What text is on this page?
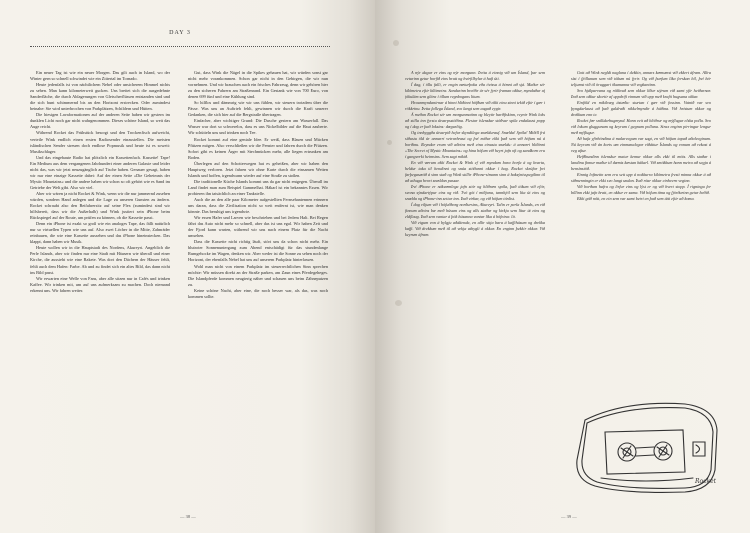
DAY 3

Ein neuer Tag ist wie ein neuer Morgen. Das gilt auch in Island, wo der Winter gern so schnell schwindet wie ein Zittertal im Tornado.

Heute jedenfalls ist von nächtlichem Nebel oder unsicherem Himmel nichts zu sehen. Man kann kilometerweit gucken. Uns breitet sich die ausgedehnte Sanderfläche, die durch Ablagerungen von Gletscherflüssen entstanden sind und die sich bunt schimmernd bis an den Horizont erstrecken. Oder zumindest beinahe: Sie wird unterbrochen von Parkplätzen, Schildern und Hütten.

Die hiesigen Lavaformationen auf der anderen Seite haben wir gestern im dunklen Licht noch gar nicht wahrgenommen. Dieses schöne Island, so weit das Auge reicht.

Während Rocket das Frühstück besorgt und den Trockenfisch aufweicht, verteile Wink endlich einen ersten Radiosender einzustellen. Die meisten isländischen Sender streuen doch endlose Popmusik und heute ist es soweit: Musikschlager.

Und das eingebaute Radio hat plötzlich ein Kassettenfach. Kassette! Tape! Ein Medium aus dem vergangenen Jahrhundert einer anderen Galaxie und leider nicht das, was wir jetzt neuzugänglich auf Tische haben. Genauer gesagt, haben wir nur eine einzige Kassette dabei: Auf der einen Seite »Die Geheimnis der Mystic Mountains« und die andere haben wir schon so oft gehört wie es Sand im Getriebe der Welt gibt. Also wir viel.

Aber wir wären ja nicht Rocket & Wink, wenn wir die nur jammernd zusehen würden, sondern Hand anlegen und die Lage zu unseren Gunsten zu ändern. Rocket schraubt also den Beifahrersitz auf seine Flex (zumindest sind wir hilfsbereit, dass wir die Außerhalb) und Wink justiert sein iPhone beim Rückspiegel auf der Route, um prüfen zu können, ob die Kassette passt.

Denn ein iPhone ist exakt so groß wie ein analoges Tape, das fällt natürlich nur so virtuellen Typen wie uns auf. Also zwei Löcher in die Mitte, Zahnräder reinbauen, die wie eine Kassette aussehen und das iPhone hineinstecken. Das klappt, dann haben wir Musik.

Heute wollen wir in die Hauptstadt des Nordens, Akureyri. Angeblich die Perle Islands, aber wir finden nur eine Stadt mit Häusern wie überall und einer Kirche, die aussieht wie eine Rakete. Was dort den Dächern der Häuser fehlt, fehlt auch dem Hafen: Farbe. Ab und zu findet sich ein altes Bild, das dann nicht ins Bild passt.

Wir erwarten eine Welle von Fans, aber alle sitzen nur in Cafés und trinken Kaffee. Wir trinken mit, um auf uns aufmerksam zu machen. Doch niemand erkennt uns. Wir fahren weiter.

Gut, dass Wink die Nägel in die Spikes gehauen hat, wir würden sonst gar nicht mehr vorankommen. Schon gar nicht in den Gebirgen, die wir nun vornehmen. Und wir brauchen auch ein frisches Fahrzeug, denn wir gehören hier zu den sicheren Fahrern am Straßenrand. Ein Gestank wie von 700 Euro, von denen 699 fünf und eine Kühlung sind.

So hilflos und dämmrig wie wir uns fühlen, wir steuern trotzdem über die Pässe. Was uns an Auftrieb fehlt, gewinnen wir durch die Kraft unserer Gedanken, die sich hier auf die Bergstraße übertragen.

Einfacher, aber wichtiger Grund: Die Dusche gestern am Wasserfall. Das Wasser war dort so schwerelos, dass es uns Nickelbilder auf die Haut zauberte. Wir schütteln uns und trinken noch Tee.

Rocket kommt auf eine geniale Idee. Er weiß, dass Blasen und Mücken Pfützen mögen. Also verschließen wir die Fenster und fahren durch die Pfützen. Sofort gibt es keinen Ärger mit Stechmücken mehr, alle liegen ertrunken am Boden.

Überlegen auf den Schotterwegen hat es geheißen, aber wir haben den Hauptweg verloren. Jetzt fahren wir ohne Karte durch die einsamen Weiten Islands und hoffen, irgendwann wieder auf eine Straße zu stoßen.

Die traditionelle Küche Islands kommt uns da gar nicht entgegen. Überall im Land findet man zum Beispiel Gammelhai. Hákarl ist ein bekanntes Essen. Wir probieren ihn tatsächlich an einer Tankstelle.

Auch die an den alle paar Kilometer aufgestellten Fernsehantennen erinnern uns daran, dass die Zivilisation nicht so weit entfernt ist, wie man denken könnte. Das beruhigt uns irgendwie.

Wir essen Hafer und Larven wie beschrieben und bei Jedem Halt. Bei Regen fährt das Auto nicht mehr so schnell, aber das ist uns egal. Wir haben Zeit und der Fjord kann warten, während wir uns nach einem Platz für die Nacht umsehen.

Dass die Kassette nicht richtig läuft, stört uns da schon nicht mehr. Ein blutroter Sonnenuntergang zum Abend entschädigt für das stundenlange Rumgehocke im Wagen, denken wir. Aber weder ist die Sonne zu sehen noch der Horizont, der ebenfalls Nebel hat uns auf unserem Parkplatz hinterlassen.

Wohl man nicht von einem Parkplatz im steuerrechtlichen Sinn sprechen möchte: Wir müssen direkt an der Straße parken, am Zaun eines Pferdegeheges. Die Islandpferde kommen neugierig näher und schauen uns beim Zähneputzen zu.

Keine schöne Nacht, aber eine, die noch besser war, als das, was noch kommen sollte.

— 38 —

A nýr dagur er eins og nýr morgunn. Þetta á einnig við um Ísland, þar sem veturinn getur horfið eins hratt og hvirfilbylur á hafi úti.

Í dag, í öllu falli, er engin næturþoka eða óvissa á himni að sjá. Maður sér kílómetra eftir kílómetra. Sandurinn breiðir úr sér fyrir framan okkur, myndaður af jökulám sem glitra í öllum regnbogans litum.

Hraunmyndanirnar á hinni hliðinni höfðum við ekki einu sinni tekið eftir í gær í rökkrinu. Þetta fallega Ísland, svo langt sem augað eygir.

Á meðan Rocket sér um morgunmatinn og bleytir harðfiskinn, reynir Wink loks að stilla inn fyrstu útvarpsstöðina. Flestar íslenskar stöðvar spila endalaust popp og í dag er það loksins: dægurlög.

Og innbyggða útvarpið hefur skyndilega snældurauf. Snælda! Spóla! Miðill frá síðustu öld úr annarri vetrarbraut og því miður ekki það sem við höfum nú á borðinu. Reyndar erum við aðeins með eina einustu snældu: á annarri hliðinni »The Secret of Mystic Mountains« og hina höfum við heyrt jafn oft og sandkorn eru í gangverki heimsins. Sem sagt mikið.

En við værum ekki Rocket & Wink ef við myndum bara horfa á og kvarta, heldur taka til hendinni og snúa stöðunni okkur í hag. Rocket skrúfar því farþegasætið á sinn stað og Wink stillir iPhone-símann sinn á baksýnisspegilinn til að athuga hvort snældan passar.

Því iPhone er nákvæmlega jafn stór og hliðræn spóla, það tökum við eftir, svona sýndartýpur eins og við. Tvö göt í miðjuna, tannhjól sem líta út eins og snælda og iPhone-inn settur inn. Það virkar, og við höfum tónlist.

Í dag viljum við í höfuðborg norðursins, Akureyri. Talin er perla Íslands, en við finnum aðeins bæ með húsum eins og alls staðar og kirkju sem lítur út eins og eldflaug. Það sem vantar á þök húsanna vantar líka á höfnina: lit.

Við eigum von á bylgju aðdáenda, en allir sitja bara á kaffihúsum og drekka kaffi. Við drekkum með til að vekja athygli á okkur. En enginn þekkir okkur. Við keyrum áfram.

Gott að Wink negldi naglana í dekkin, annars kæmumst við ekkert áfram. Allra síst í fjöllunum sem við tökum nú fyrir. Og við þurfum líka ferskan bíl, því hér teljumst við til öruggari ökumanna við vegkantinn.

Svo hjálparvana og rökkvuð sem okkur líður stýrum við samt yfir heiðarnar. Það sem okkur skortir af uppdrifi vinnum við upp með krafti hugsana okkar.

Einföld en mikilvæg ástæða: sturtan í gær við fossinn. Vatnið var svo þyngdarlaust að það galdraði nikkelmyndir á húðina. Við hristum okkur og drekkum enn te.

Rocket fær snilldarhugmynd. Hann veit að blöðrur og mýflugur elska polla. Svo við lokum gluggunum og keyrum í gegnum pollana. Strax enginn pirringur lengur með mýflugur.

Að hafa yfirhöndina á malarvegum var sagt, en við höfum tapað aðalveginum. Nú keyrum við án korts um einmanalegar víðáttur Íslands og vonum að rekast á veg aftur.

Hefðbundinn íslenskur matur kemur okkur alls ekki til móts. Alls staðar í landinu finnur maður til dæmis kæstan hákarl. Við smökkum hann meira að segja á bensínstöð.

Einnig loftnetin sem eru sett upp á nokkurra kílómetra fresti minna okkur á að siðmenningin er ekki svo langt undan. Það róar okkur einhvern veginn.

Við borðum hafra og lirfur eins og lýst er og við hvert stopp. Í rigningu fer bíllinn ekki jafn hratt, en okkur er sama. Við höfum tíma og fjörðurinn getur beðið.

Ekki góð nótt, en ein sem var samt betri en það sem átti eftir að koma.

Rocket
— 39 —
